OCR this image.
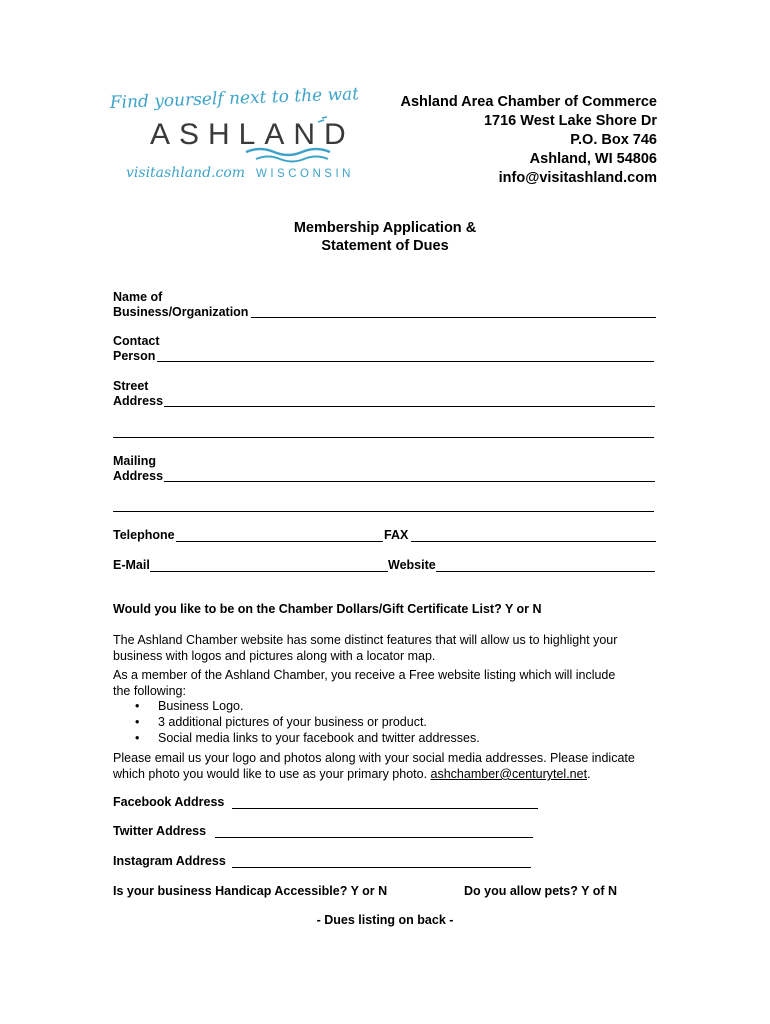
Find yourself next to the water.
ASHLAND
visitashland.com WISCONSIN
Ashland Area Chamber of Commerce
1716 West Lake Shore Dr
P.O. Box 746
Ashland, WI 54806
info@visitashland.com
Membership Application &
Statement of Dues
Name of
Business/Organization
Contact
Person
Street
Address
Mailing
Address
Telephone	FAX
E-Mail	Website
Would you like to be on the Chamber Dollars/Gift Certificate List? Y or N
The Ashland Chamber website has some distinct features that will allow us to highlight your business with logos and pictures along with a locator map.
As a member of the Ashland Chamber, you receive a Free website listing which will include the following:
• Business Logo.
• 3 additional pictures of your business or product.
• Social media links to your facebook and twitter addresses.
Please email us your logo and photos along with your social media addresses. Please indicate which photo you would like to use as your primary photo. ashchamber@centurytel.net.
Facebook Address
Twitter Address
Instagram Address
Is your business Handicap Accessible? Y or N	Do you allow pets? Y of N
- Dues listing on back -
